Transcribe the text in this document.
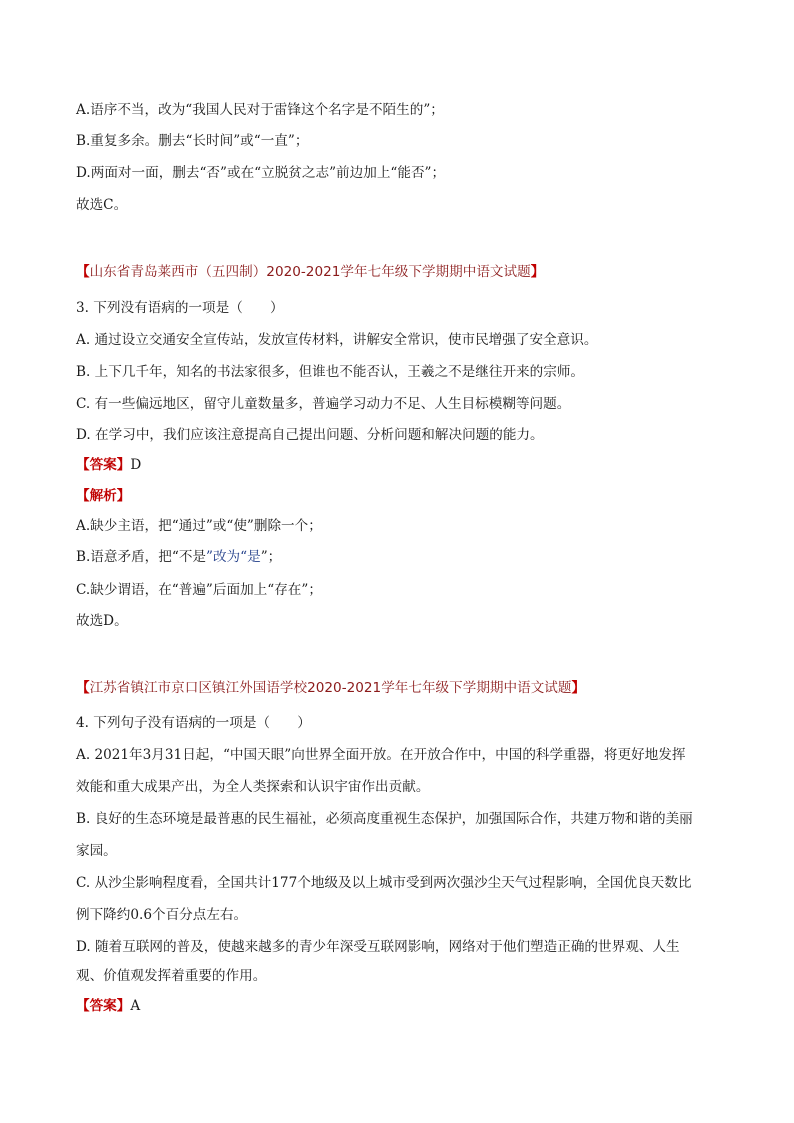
A.语序不当，改为“我国人民对于雷锋这个名字是不陌生的”；
B.重复多余。删去“长时间”或“一直”；
D.两面对一面，删去“否”或在“立脱贫之志”前边加上“能否”；
故选C。
【山东省青岛莱西市（五四制）2020-2021学年七年级下学期期中语文试题】
3. 下列没有语病的一项是（　　）
A. 通过设立交通安全宣传站，发放宣传材料，讲解安全常识，使市民增强了安全意识。
B. 上下几千年，知名的书法家很多，但谁也不能否认，王羲之不是继往开来的宗师。
C. 有一些偏远地区，留守儿童数量多，普遍学习动力不足、人生目标模糊等问题。
D. 在学习中，我们应该注意提高自己提出问题、分析问题和解决问题的能力。
【答案】D
【解析】
A.缺少主语，把“通过”或“使”删除一个；
B.语意矛盾，把“不是”改为“是”；
C.缺少谓语，在“普遍”后面加上“存在”；
故选D。
【江苏省镇江市京口区镇江外国语学校2020-2021学年七年级下学期期中语文试题】
4. 下列句子没有语病的一项是（　　）
A. 2021年3月31日起，“中国天眼”向世界全面开放。在开放合作中，中国的科学重器，将更好地发挥
效能和重大成果产出，为全人类探索和认识宇宙作出贡献。
B. 良好的生态环境是最普惠的民生福祉，必须高度重视生态保护，加强国际合作，共建万物和谐的美丽
家园。
C. 从沙尘影响程度看，全国共计177个地级及以上城市受到两次强沙尘天气过程影响，全国优良天数比
例下降约0.6个百分点左右。
D. 随着互联网的普及，使越来越多的青少年深受互联网影响，网络对于他们塑造正确的世界观、人生
观、价值观发挥着重要的作用。
【答案】A
